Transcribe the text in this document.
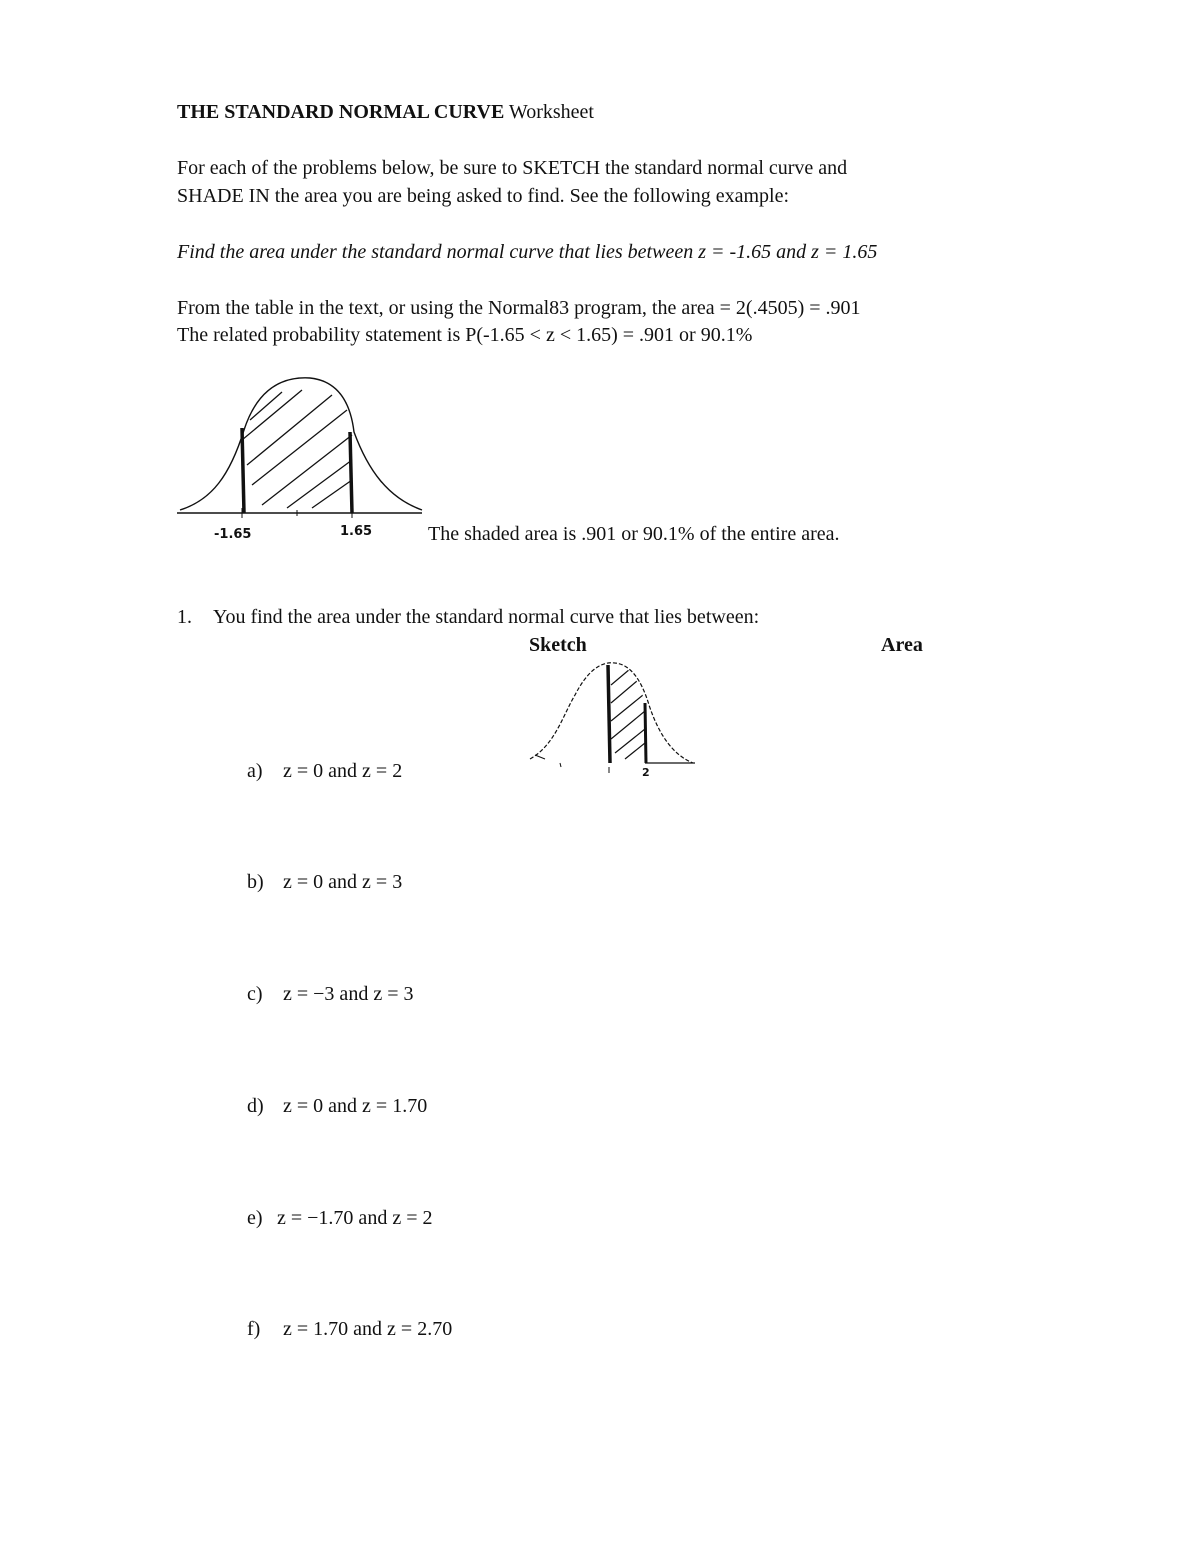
THE STANDARD NORMAL CURVE Worksheet
For each of the problems below, be sure to SKETCH the standard normal curve and
SHADE IN the area you are being asked to find. See the following example:
Find the area under the standard normal curve that lies between z = -1.65 and z = 1.65
From the table in the text, or using the Normal83 program, the area = 2(.4505) = .901
The related probability statement is P(-1.65 < z < 1.65) = .901 or 90.1%
-1.65	1.65	The shaded area is .901 or 90.1% of the entire area.
1. You find the area under the standard normal curve that lies between:
Sketch	Area
2
a) z = 0 and z = 2
b) z = 0 and z = 3
c) z = −3 and z = 3
d) z = 0 and z = 1.70
e) z = −1.70 and z = 2
f) z = 1.70 and z = 2.70
